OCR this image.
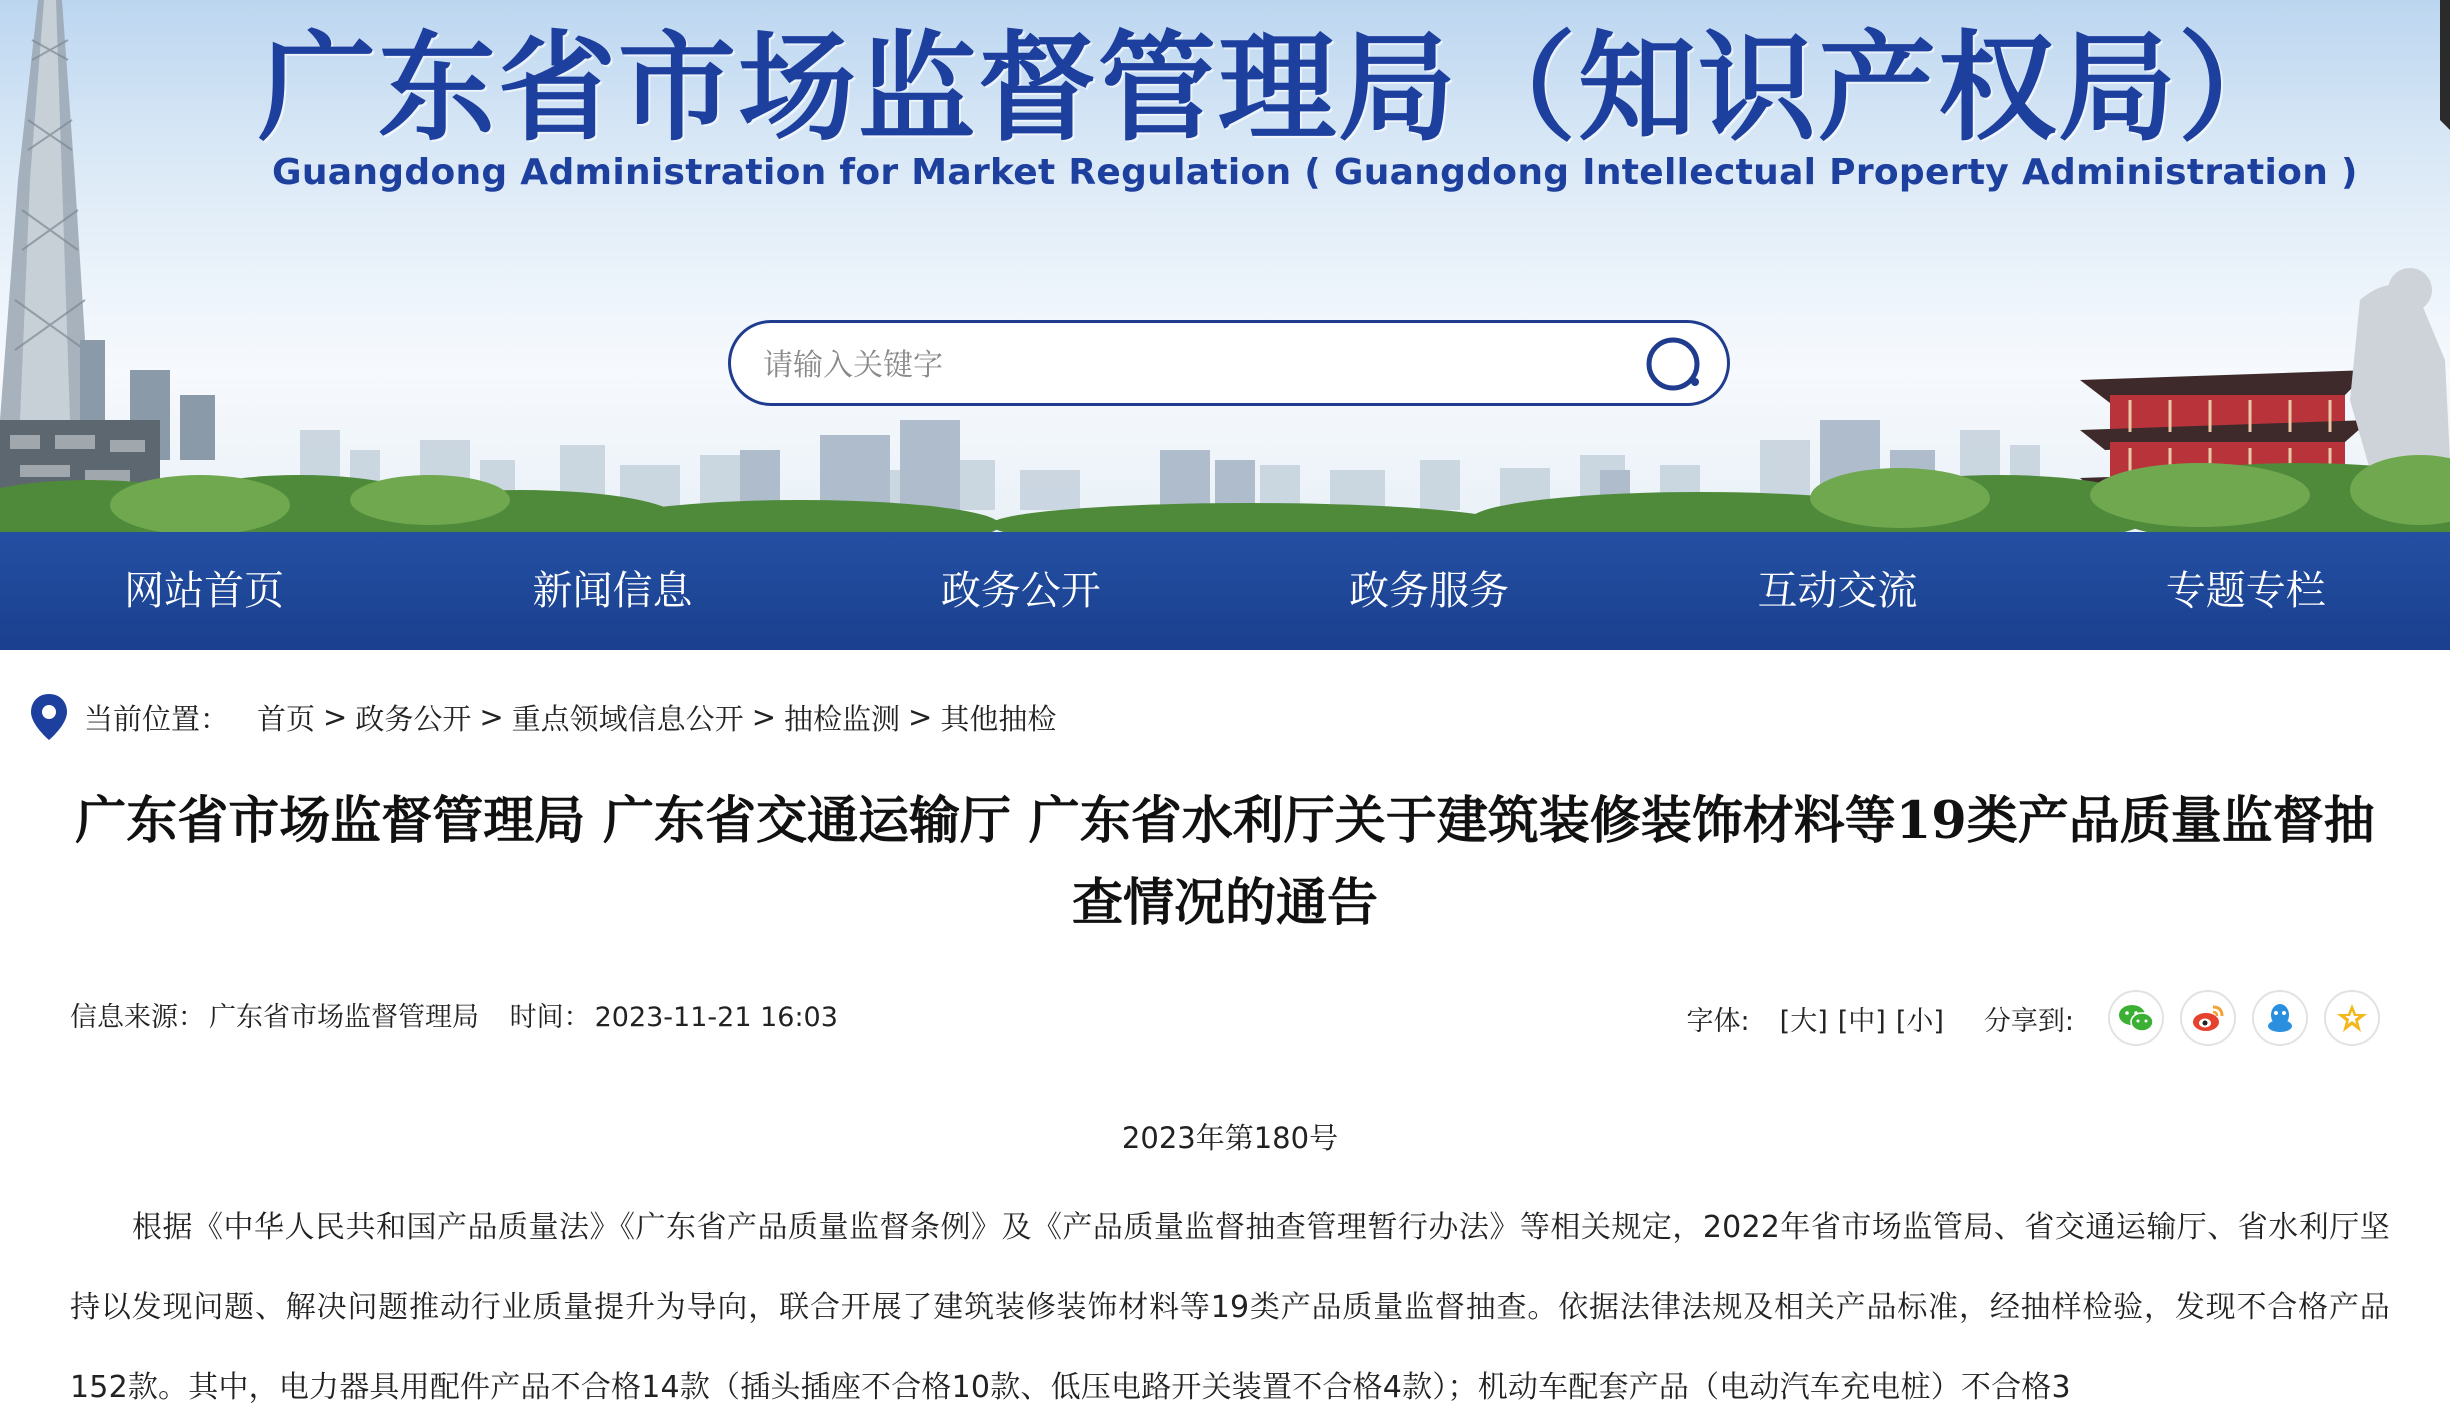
广东省市场监督管理局（知识产权局）
Guangdong Administration for Market Regulation ( Guangdong Intellectual Property Administration )
请输入关键字
网站首页	新闻信息	政务公开	政务服务	互动交流	专题专栏
当前位置： 首页 > 政务公开 > 重点领域信息公开 > 抽检监测 > 其他抽检
广东省市场监督管理局 广东省交通运输厅 广东省水利厅关于建筑装修装饰材料等19类产品质量监督抽查情况的通告
信息来源： 广东省市场监督管理局 时间： 2023-11-21 16:03	字体: [大] [中] [小] 分享到:
2023年第180号
根据《中华人民共和国产品质量法》《广东省产品质量监督条例》及《产品质量监督抽查管理暂行办法》等相关规定，2022年省市场监管局、省交通运输厅、省水利厅坚持以发现问题、解决问题推动行业质量提升为导向，联合开展了建筑装修装饰材料等19类产品质量监督抽查。依据法律法规及相关产品标准，经抽样检验，发现不合格产品152款。其中，电力器具用配件产品不合格14款（插头插座不合格10款、低压电路开关装置不合格4款）；机动车配套产品（电动汽车充电桩）不合格3
